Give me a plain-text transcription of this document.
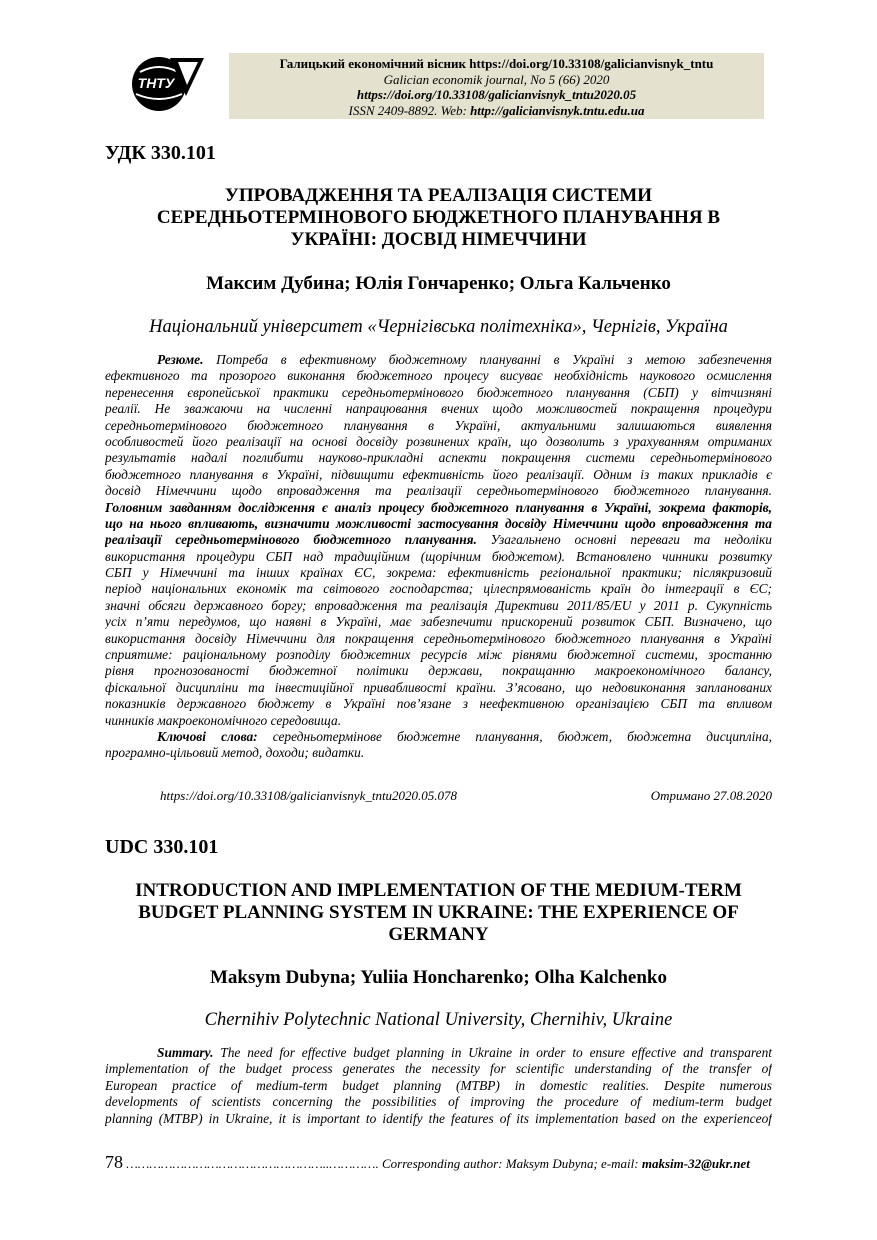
ТНТУ
Галицький економічний вісник https://doi.org/10.33108/galicianvisnyk_tntu
Galician economik journal, No 5 (66) 2020
https://doi.org/10.33108/galicianvisnyk_tntu2020.05
ISSN 2409-8892. Web: http://galicianvisnyk.tntu.edu.ua
УДК 330.101
УПРОВАДЖЕННЯ ТА РЕАЛІЗАЦІЯ СИСТЕМИ
СЕРЕДНЬОТЕРМІНОВОГО БЮДЖЕТНОГО ПЛАНУВАННЯ В
УКРАЇНІ: ДОСВІД НІМЕЧЧИНИ
Максим Дубина; Юлія Гончаренко; Ольга Кальченко
Національний університет «Чернігівська політехніка», Чернігів, Україна
Резюме. Потреба в ефективному бюджетному плануванні в Україні з метою забезпечення
ефективного та прозорого виконання бюджетного процесу висуває необхідність наукового осмислення
перенесення європейської практики середньотермінового бюджетного планування (СБП) у вітчизняні
реалії. Не зважаючи на численні напрацювання вчених щодо можливостей покращення процедури
середньотермінового бюджетного планування в Україні, актуальними залишаються виявлення
особливостей його реалізації на основі досвіду розвинених країн, що дозволить з урахуванням отриманих
результатів надалі поглибити науково-прикладні аспекти покращення системи середньотермінового
бюджетного планування в Україні, підвищити ефективність його реалізації. Одним із таких прикладів є
досвід Німеччини щодо впровадження та реалізації середньотермінового бюджетного планування.
Головним завданням дослідження є аналіз процесу бюджетного планування в Україні, зокрема факторів,
що на нього впливають, визначити можливості застосування досвіду Німеччини щодо впровадження та
реалізації середньотермінового бюджетного планування. Узагальнено основні переваги та недоліки
використання процедури СБП над традиційним (щорічним бюджетом). Встановлено чинники розвитку
СБП у Німеччині та інших країнах ЄС, зокрема: ефективність регіональної практики; післякризовий
період національних економік та світового господарства; цілеспрямованість країн до інтеграції в ЄС;
значні обсяги державного боргу; впровадження та реалізація Директиви 2011/85/EU у 2011 р. Сукупність
усіх п’яти передумов, що наявні в Україні, має забезпечити прискорений розвиток СБП. Визначено, що
використання досвіду Німеччини для покращення середньотермінового бюджетного планування в Україні
сприятиме: раціональному розподілу бюджетних ресурсів між рівнями бюджетної системи, зростанню
рівня прогнозованості бюджетної політики держави, покращанню макроекономічного балансу,
фіскальної дисципліни та інвестиційної привабливості країни. З’ясовано, що недовиконання запланованих
показників державного бюджету в Україні пов’язане з неефективною організацією СБП та впливом
чинників макроекономічного середовища.
Ключові слова: середньотермінове бюджетне планування, бюджет, бюджетна дисципліна,
програмно-цільовий метод, доходи; видатки.
https://doi.org/10.33108/galicianvisnyk_tntu2020.05.078	Отримано 27.08.2020
UDC 330.101
INTRODUCTION AND IMPLEMENTATION OF THE MEDIUM-TERM
BUDGET PLANNING SYSTEM IN UKRAINE: THE EXPERIENCE OF
GERMANY
Maksym Dubyna; Yuliia Honcharenko; Olha Kalchenko
Chernihiv Polytechnic National University, Chernihiv, Ukraine
Summary. The need for effective budget planning in Ukraine in order to ensure effective and transparent
implementation of the budget process generates the necessity for scientific understanding of the transfer of
European practice of medium-term budget planning (MTBP) in domestic realities. Despite numerous
developments of scientists concerning the possibilities of improving the procedure of medium-term budget
planning (MTBP) in Ukraine, it is important to identify the features of its implementation based on the experienceof
78 ……………………………………………..…………. Corresponding author: Maksym Dubyna; e-mail: maksim-32@ukr.net
